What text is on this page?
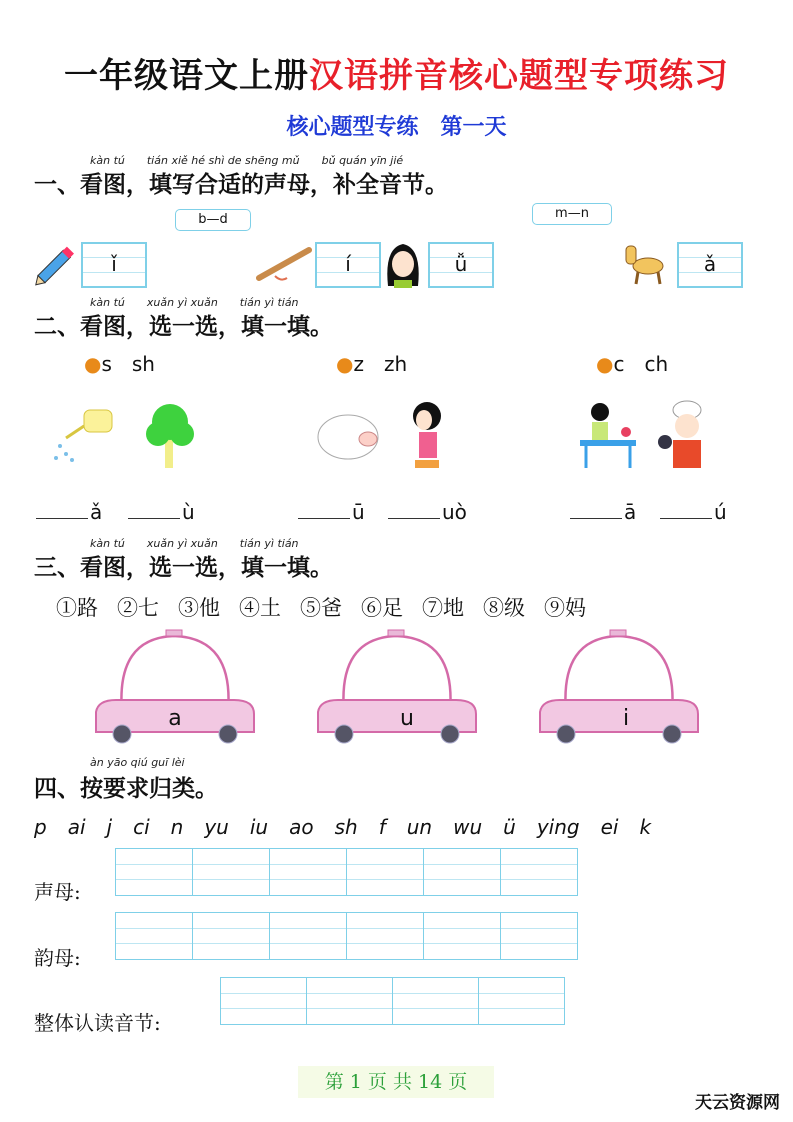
一年级语文上册汉语拼音核心题型专项练习
核心题型专练　第一天
kàn tú　　tián xiě hé shì de shēng mǔ　　bǔ quán yīn jié
一、看图，填写合适的声母，补全音节。
b—d	m—n
ǐ	í	ǚ	ǎ
kàn tú　　xuǎn yì xuǎn　　tián yì tián
二、看图，选一选，填一填。
●s　sh	●z　zh	●c　ch
ǎ	ù	ū	uò	ā	ú
kàn tú　　xuǎn yì xuǎn　　tián yì tián
三、看图，选一选，填一填。
①路 ②七 ③他 ④土 ⑤爸 ⑥足 ⑦地 ⑧级 ⑨妈
a	u	i
àn yāo qiú guī lèi
四、按要求归类。
p ai j ci n yu iu ao sh f un wu ü ying ei k
声母:
韵母:
整体认读音节:
第 1 页 共 14 页
天云资源网
